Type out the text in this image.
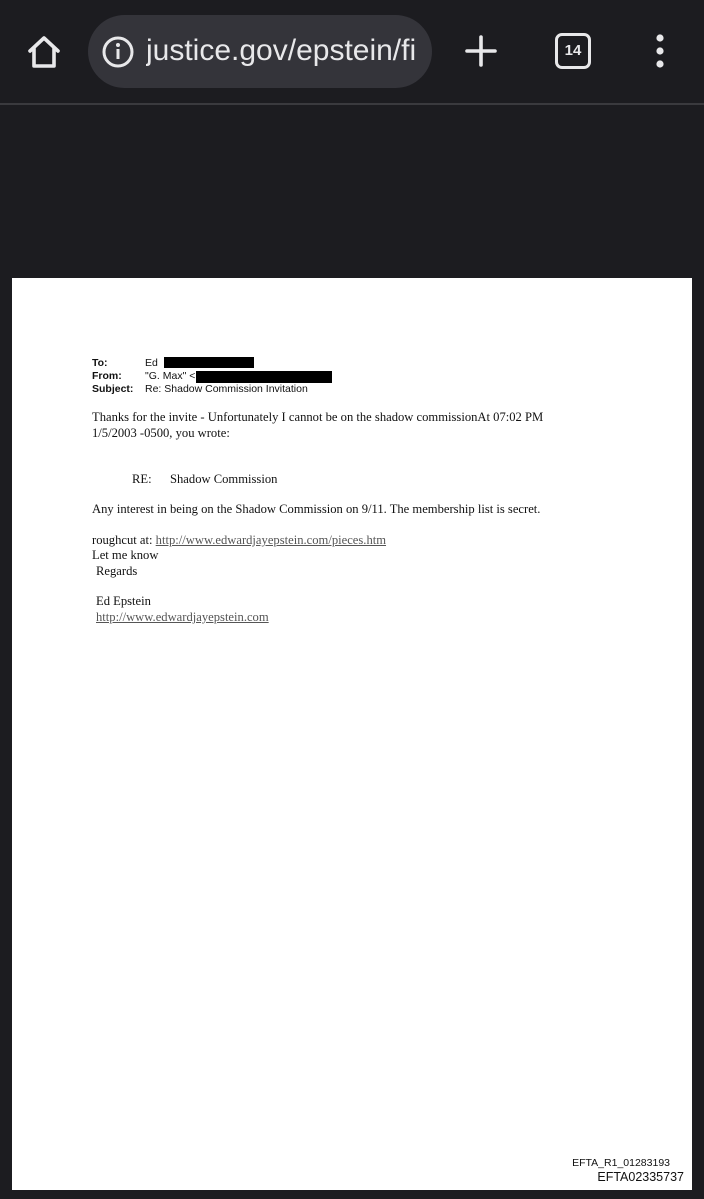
justice.gov/epstein/fi	14
To:	Ed
From: "G. Max" <
Subject: Re: Shadow Commission Invitation
Thanks for the invite - Unfortunately I cannot be on the shadow commissionAt 07:02 PM
1/5/2003 -0500, you wrote:
RE: Shadow Commission
Any interest in being on the Shadow Commission on 9/11. The membership list is secret.
roughcut at: http://www.edwardjayepstein.com/pieces.htm
Let me know
Regards
Ed Epstein
http://www.edwardjayepstein.com
EFTA_R1_01283193
EFTA02335737
